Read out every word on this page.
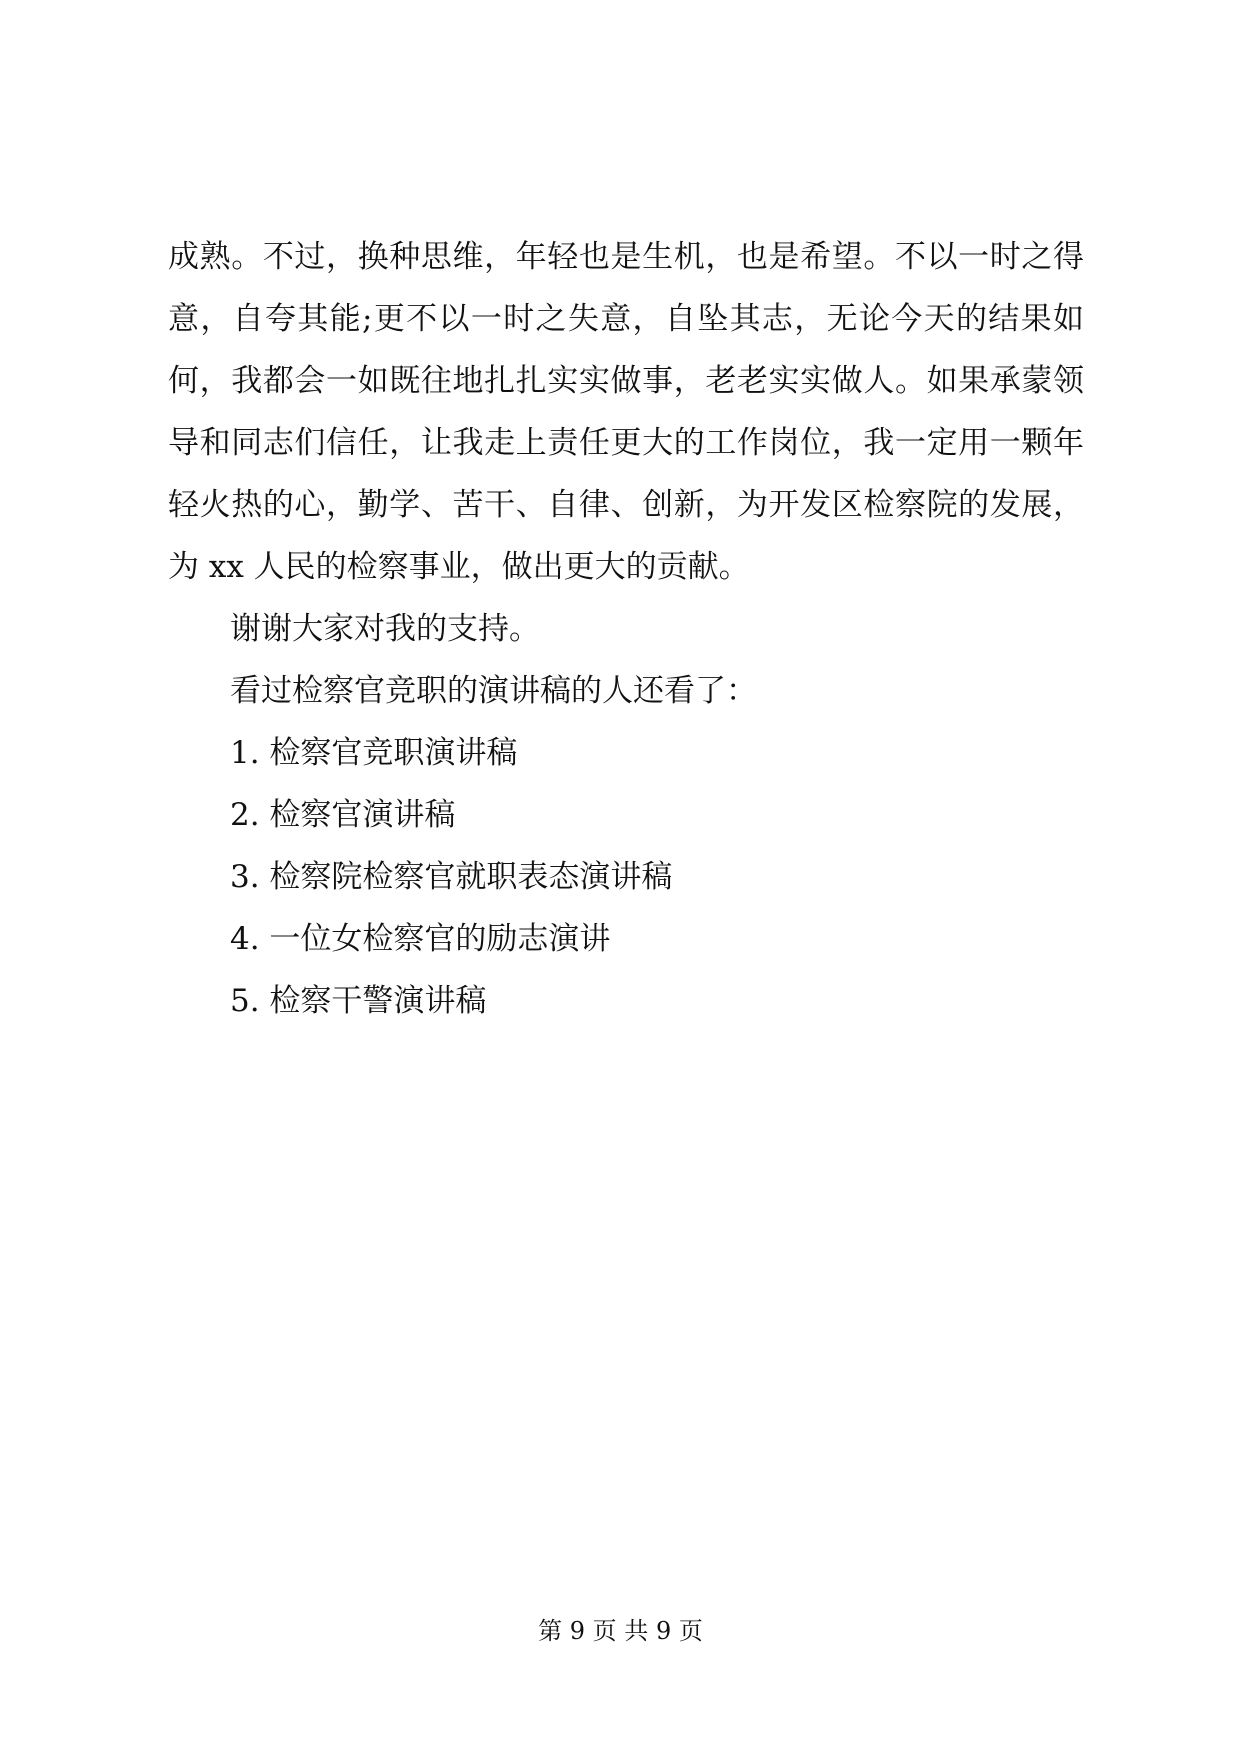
成熟。不过，换种思维，年轻也是生机，也是希望。不以一时之得意，自夸其能;更不以一时之失意，自坠其志，无论今天的结果如何，我都会一如既往地扎扎实实做事，老老实实做人。如果承蒙领导和同志们信任，让我走上责任更大的工作岗位，我一定用一颗年轻火热的心，勤学、苦干、自律、创新，为开发区检察院的发展，为 xx 人民的检察事业，做出更大的贡献。

谢谢大家对我的支持。

看过检察官竞职的演讲稿的人还看了：

1. 检察官竞职演讲稿
2. 检察官演讲稿
3. 检察院检察官就职表态演讲稿
4. 一位女检察官的励志演讲
5. 检察干警演讲稿
第 9 页 共 9 页
